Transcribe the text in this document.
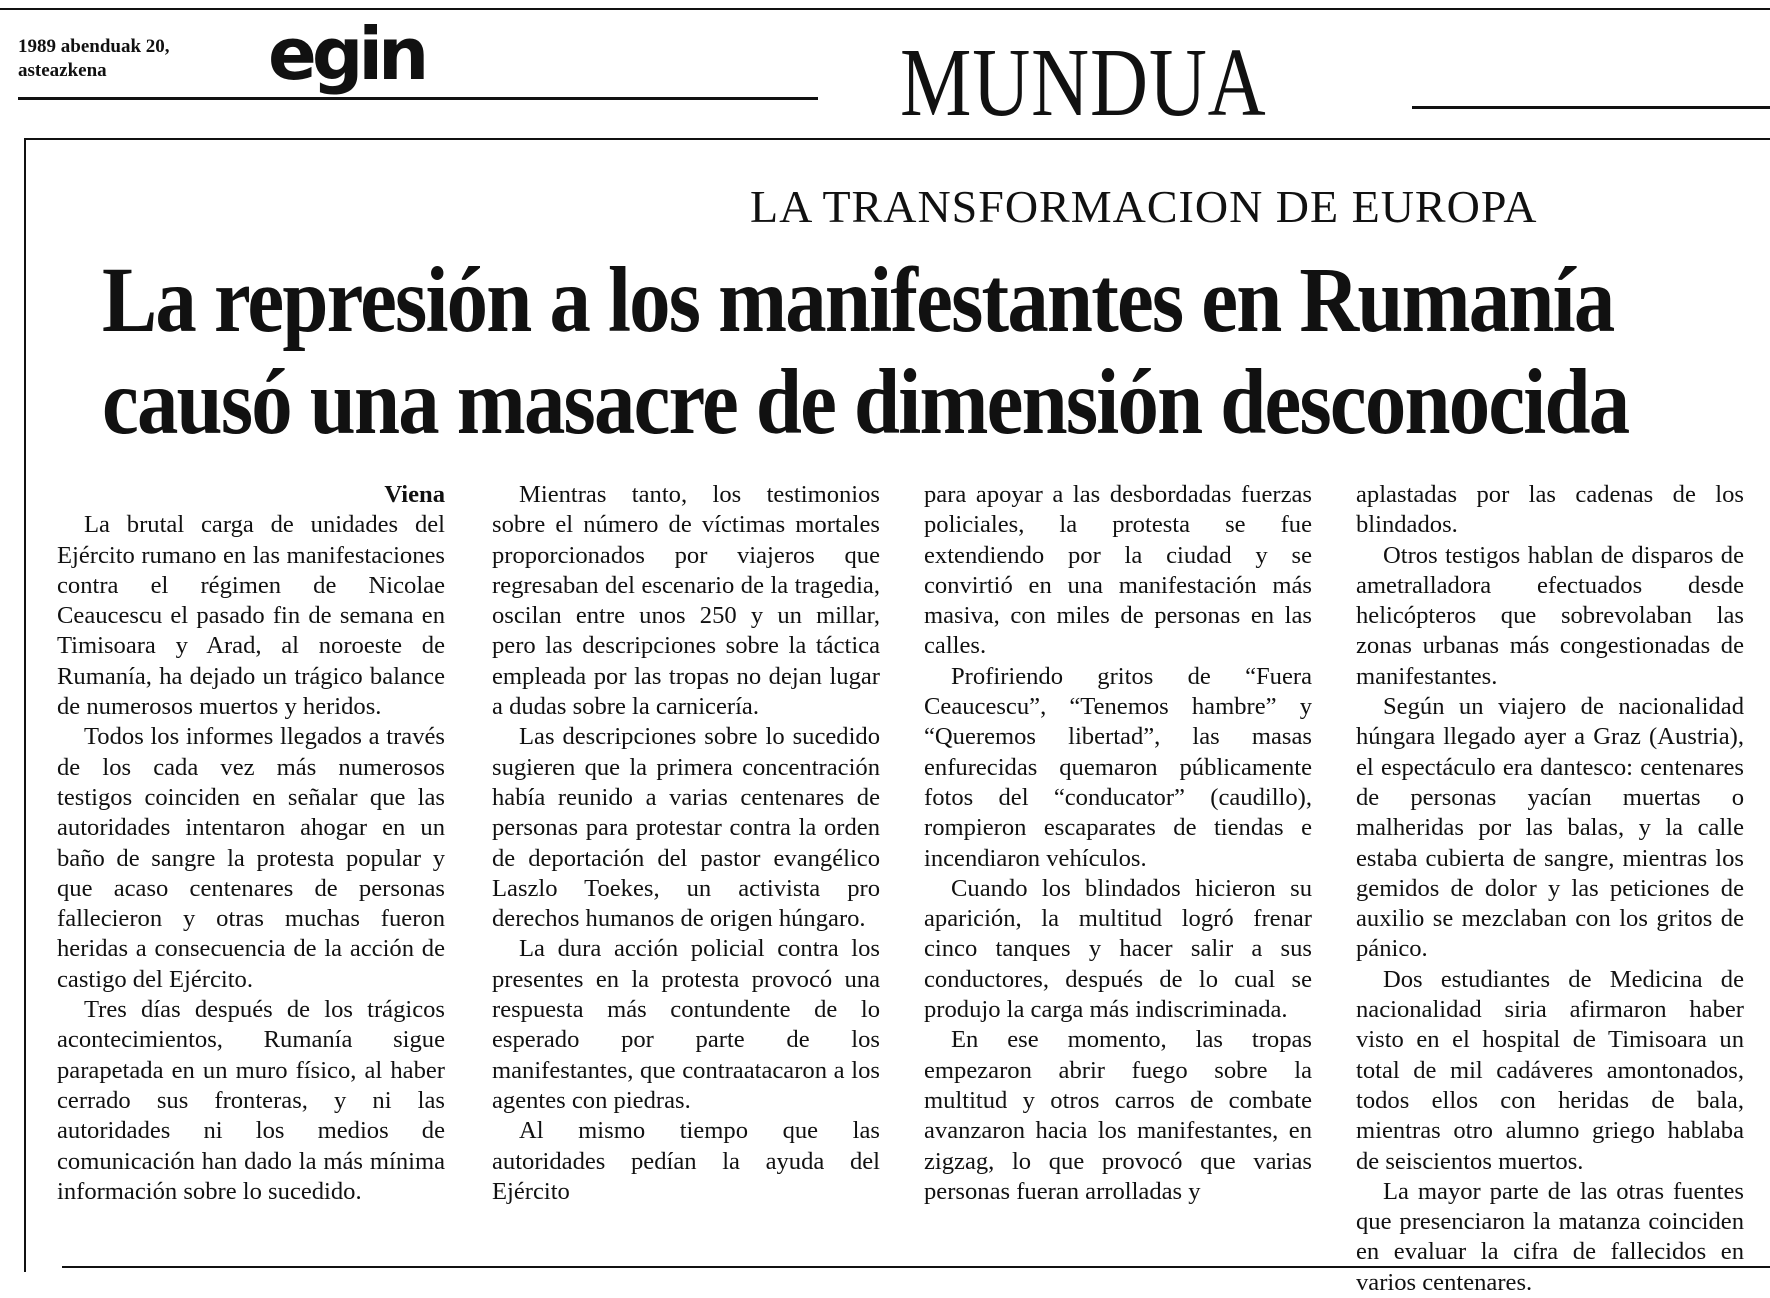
1989 abenduak 20,
asteazkena egin	MUNDUA
LA TRANSFORMACION DE EUROPA
La represión a los manifestantes en Rumanía
causó una masacre de dimensión desconocida

Viena

La brutal carga de unidades del Ejército rumano en las manifestaciones contra el régimen de Nicolae Ceaucescu el pasado fin de semana en Timisoara y Arad, al noroeste de Rumanía, ha dejado un trágico balance de numerosos muertos y heridos.

Todos los informes llegados a través de los cada vez más numerosos testigos coinciden en señalar que las autoridades intentaron ahogar en un baño de sangre la protesta popular y que acaso centenares de personas fallecieron y otras muchas fueron heridas a consecuencia de la acción de castigo del Ejército.

Tres días después de los trágicos acontecimientos, Rumanía sigue parapetada en un muro físico, al haber cerrado sus fronteras, y ni las autoridades ni los medios de comunicación han dado la más mínima información sobre lo sucedido.

Mientras tanto, los testimonios sobre el número de víctimas mortales proporcionados por viajeros que regresaban del escenario de la tragedia, oscilan entre unos 250 y un millar, pero las descripciones sobre la táctica empleada por las tropas no dejan lugar a dudas sobre la carnicería.

Las descripciones sobre lo sucedido sugieren que la primera concentración había reunido a varias centenares de personas para protestar contra la orden de deportación del pastor evangélico Laszlo Toekes, un activista pro derechos humanos de origen húngaro.

La dura acción policial contra los presentes en la protesta provocó una respuesta más contundente de lo esperado por parte de los manifestantes, que contraatacaron a los agentes con piedras.

Al mismo tiempo que las autoridades pedían la ayuda del Ejército

para apoyar a las desbordadas fuerzas policiales, la protesta se fue extendiendo por la ciudad y se convirtió en una manifestación más masiva, con miles de personas en las calles.

Profiriendo gritos de “Fuera Ceaucescu”, “Tenemos hambre” y “Queremos libertad”, las masas enfurecidas quemaron públicamente fotos del “conducator” (caudillo), rompieron escaparates de tiendas e incendiaron vehículos.

Cuando los blindados hicieron su aparición, la multitud logró frenar cinco tanques y hacer salir a sus conductores, después de lo cual se produjo la carga más indiscriminada.

En ese momento, las tropas empezaron abrir fuego sobre la multitud y otros carros de combate avanzaron hacia los manifestantes, en zigzag, lo que provocó que varias personas fueran arrolladas y

aplastadas por las cadenas de los blindados.

Otros testigos hablan de disparos de ametralladora efectuados desde helicópteros que sobrevolaban las zonas urbanas más congestionadas de manifestantes.

Según un viajero de nacionalidad húngara llegado ayer a Graz (Austria), el espectáculo era dantesco: centenares de personas yacían muertas o malheridas por las balas, y la calle estaba cubierta de sangre, mientras los gemidos de dolor y las peticiones de auxilio se mezclaban con los gritos de pánico.

Dos estudiantes de Medicina de nacionalidad siria afirmaron haber visto en el hospital de Timisoara un total de mil cadáveres amontonados, todos ellos con heridas de bala, mientras otro alumno griego hablaba de seiscientos muertos.

La mayor parte de las otras fuentes que presenciaron la matanza coinciden en evaluar la cifra de fallecidos en varios centenares.
